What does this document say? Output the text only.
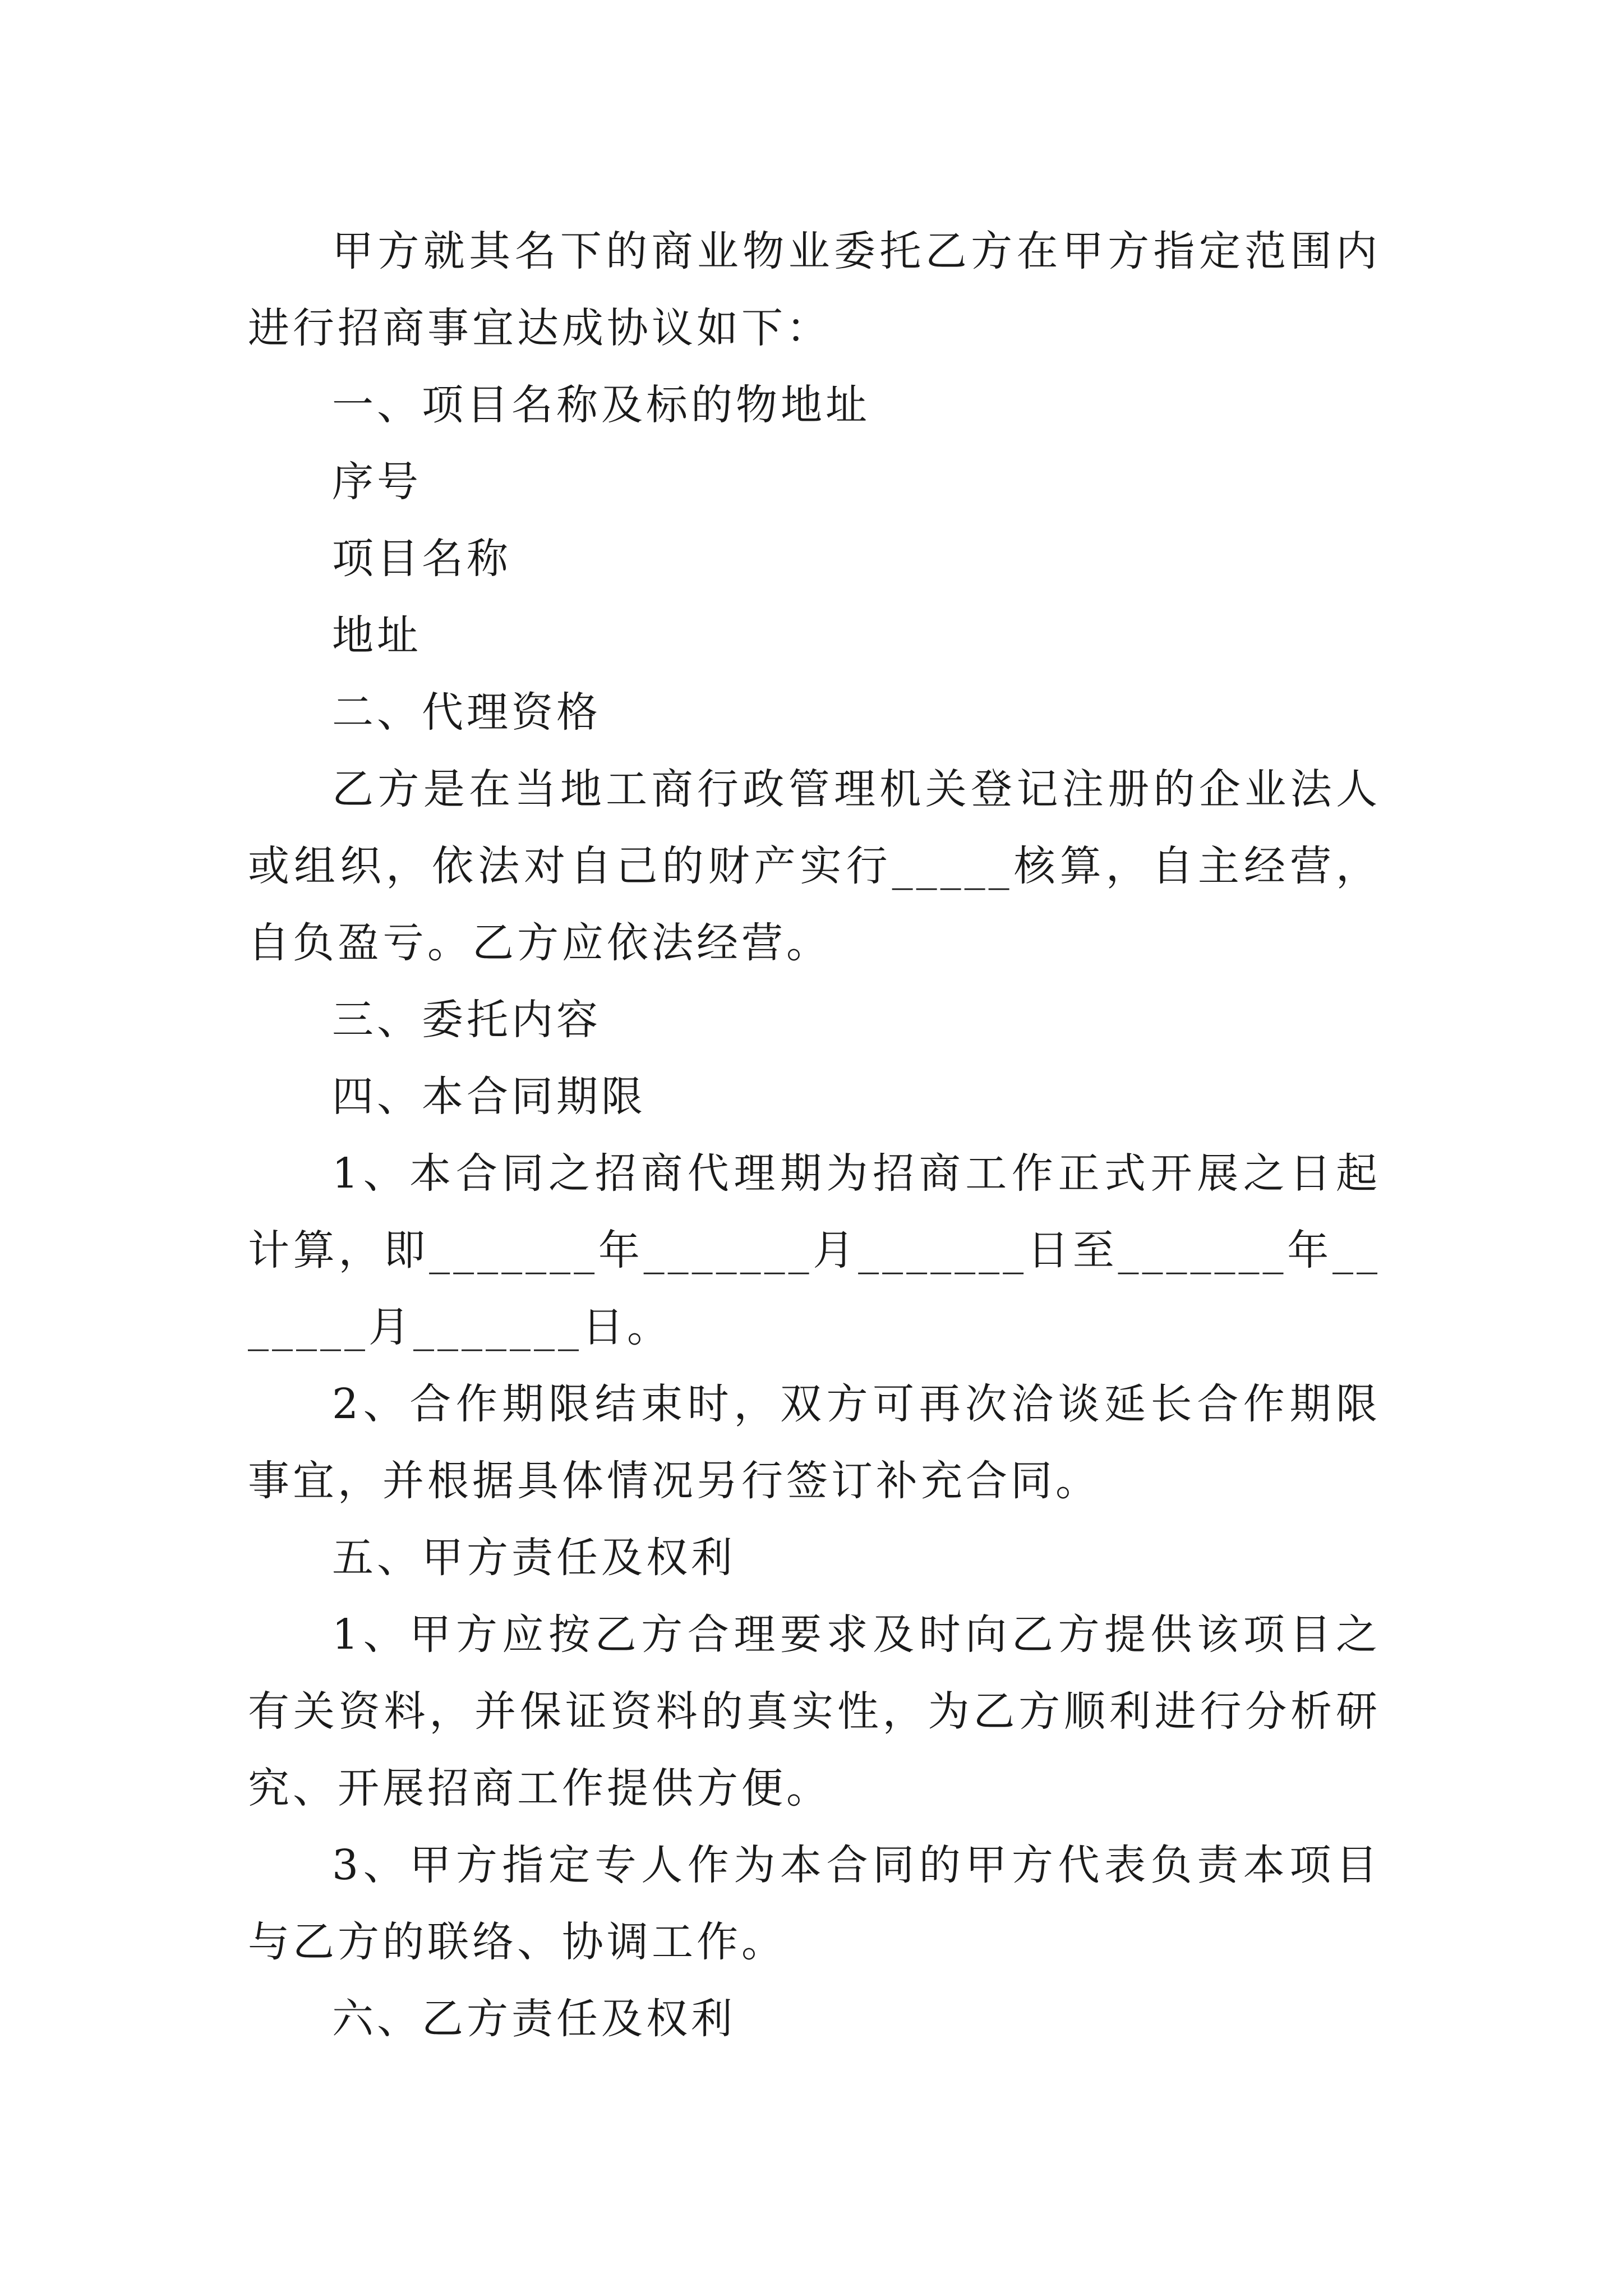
甲方就其名下的商业物业委托乙方在甲方指定范围内进行招商事宜达成协议如下：

一、项目名称及标的物地址

序号

项目名称

地址

二、代理资格

乙方是在当地工商行政管理机关登记注册的企业法人或组织，依法对自己的财产实行_____核算，自主经营，自负盈亏。乙方应依法经营。

三、委托内容

四、本合同期限

1、本合同之招商代理期为招商工作正式开展之日起计算，即_______年_______月_______日至_______年_______月_______日。

2、合作期限结束时，双方可再次洽谈延长合作期限事宜，并根据具体情况另行签订补充合同。

五、甲方责任及权利

1、甲方应按乙方合理要求及时向乙方提供该项目之有关资料，并保证资料的真实性，为乙方顺利进行分析研究、开展招商工作提供方便。

3、甲方指定专人作为本合同的甲方代表负责本项目与乙方的联络、协调工作。

六、乙方责任及权利
